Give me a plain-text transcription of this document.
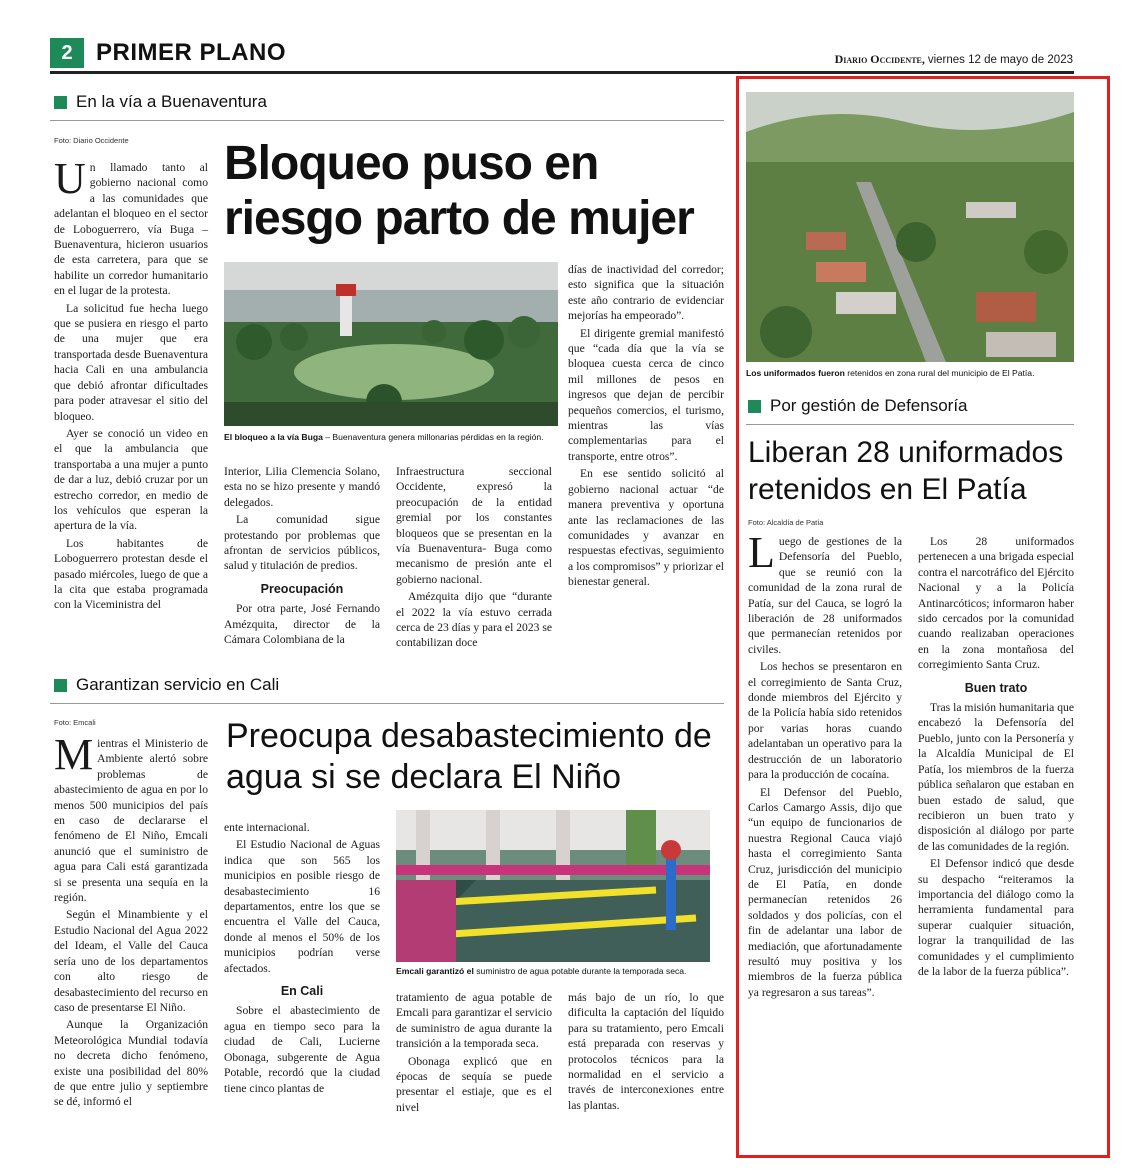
2 PRIMER PLANO	Diario Occidente, viernes 12 de mayo de 2023
En la vía a Buenaventura
Foto: Diario Occidente Bloqueo puso en riesgo parto de mujer
El bloqueo a la vía Buga – Buenaventura genera millonarias pérdidas en la región.

Un llamado tanto al gobierno nacional como a las comunidades que adelantan el bloqueo en el sector de Loboguerrero, vía Buga –Buenaventura, hicieron usuarios de esta carretera, para que se habilite un corredor humanitario en el lugar de la protesta.

La solicitud fue hecha luego que se pusiera en riesgo el parto de una mujer que era transportada desde Buenaventura hacia Cali en una ambulancia que debió afrontar dificultades para poder atravesar el sitio del bloqueo.

Ayer se conoció un video en el que la ambulancia que transportaba a una mujer a punto de dar a luz, debió cruzar por un estrecho corredor, en medio de los vehículos que esperan la apertura de la vía.

Los habitantes de Loboguerrero protestan desde el pasado miércoles, luego de que a la cita que estaba programada con la Viceministra del

Interior, Lilia Clemencia Solano, esta no se hizo presente y mandó delegados.

La comunidad sigue protestando por problemas que afrontan de servicios públicos, salud y titulación de predios.

Preocupación

Por otra parte, José Fernando Amézquita, director de la Cámara Colombiana de la

Infraestructura seccional Occidente, expresó la preocupación de la entidad gremial por los constantes bloqueos que se presentan en la vía Buenaventura- Buga como mecanismo de presión ante el gobierno nacional.

Amézquita dijo que “durante el 2022 la vía estuvo cerrada cerca de 23 días y para el 2023 se contabilizan doce

días de inactividad del corredor; esto significa que la situación este año contrario de evidenciar mejorías ha empeorado”.

El dirigente gremial manifestó que “cada día que la vía se bloquea cuesta cerca de cinco mil millones de pesos en ingresos que dejan de percibir pequeños comercios, el turismo, mientras las vías complementarias para el transporte, entre otros”.

En ese sentido solicitó al gobierno nacional actuar “de manera preventiva y oportuna ante las reclamaciones de las comunidades y avanzar en respuestas efectivas, seguimiento a los compromisos” y priorizar el bienestar general.

Garantizan servicio en Cali
Foto: Emcali	Preocupa desabastecimiento de agua si se declara El Niño
Emcali garantizó el suministro de agua potable durante la temporada seca.

Mientras el Ministerio de Ambiente alertó sobre problemas de abastecimiento de agua en por lo menos 500 municipios del país en caso de declararse el fenómeno de El Niño, Emcali anunció que el suministro de agua para Cali está garantizada si se presenta una sequía en la región.

Según el Minambiente y el Estudio Nacional del Agua 2022 del Ideam, el Valle del Cauca sería uno de los departamentos con alto riesgo de desabastecimiento del recurso en caso de presentarse El Niño.

Aunque la Organización Meteorológica Mundial todavía no decreta dicho fenómeno, existe una posibilidad del 80% de que entre julio y septiembre se dé, informó el

ente internacional.

El Estudio Nacional de Aguas indica que son 565 los municipios en posible riesgo de desabastecimiento 16 departamentos, entre los que se encuentra el Valle del Cauca, donde al menos el 50% de los municipios podrían verse afectados.

En Cali

Sobre el abastecimiento de agua en tiempo seco para la ciudad de Cali, Lucierne Obonaga, subgerente de Agua Potable, recordó que la ciudad tiene cinco plantas de

tratamiento de agua potable de Emcali para garantizar el servicio de suministro de agua durante la transición a la temporada seca.

Obonaga explicó que en épocas de sequía se puede presentar el estiaje, que es el nivel

más bajo de un río, lo que dificulta la captación del líquido para su tratamiento, pero Emcali está preparada con reservas y protocolos técnicos para la normalidad en el servicio a través de interconexiones entre las plantas.

Los uniformados fueron retenidos en zona rural del municipio de El Patía.
Por gestión de Defensoría
Liberan 28 uniformados retenidos en El Patía
Foto: Alcaldía de Patía

Luego de gestiones de la Defensoría del Pueblo, que se reunió con la comunidad de la zona rural de Patía, sur del Cauca, se logró la liberación de 28 uniformados que permanecían retenidos por civiles.

Los hechos se presentaron en el corregimiento de Santa Cruz, donde miembros del Ejército y de la Policía había sido retenidos por varias horas cuando adelantaban un operativo para la destrucción de un laboratorio para la producción de cocaína.

El Defensor del Pueblo, Carlos Camargo Assis, dijo que “un equipo de funcionarios de nuestra Regional Cauca viajó hasta el corregimiento Santa Cruz, jurisdicción del municipio de El Patía, en donde permanecían retenidos 26 soldados y dos policías, con el fin de adelantar una labor de mediación, que afortunadamente resultó muy positiva y los miembros de la fuerza pública ya regresaron a sus tareas”.

Los 28 uniformados pertenecen a una brigada especial contra el narcotráfico del Ejército Nacional y a la Policía Antinarcóticos; informaron haber sido cercados por la comunidad cuando realizaban operaciones en la zona montañosa del corregimiento Santa Cruz.

Buen trato

Tras la misión humanitaria que encabezó la Defensoría del Pueblo, junto con la Personería y la Alcaldía Municipal de El Patía, los miembros de la fuerza pública señalaron que estaban en buen estado de salud, que recibieron un buen trato y disposición al diálogo por parte de las comunidades de la región.

El Defensor indicó que desde su despacho “reiteramos la importancia del diálogo como la herramienta fundamental para superar cualquier situación, lograr la tranquilidad de las comunidades y el cumplimiento de la labor de la fuerza pública”.
